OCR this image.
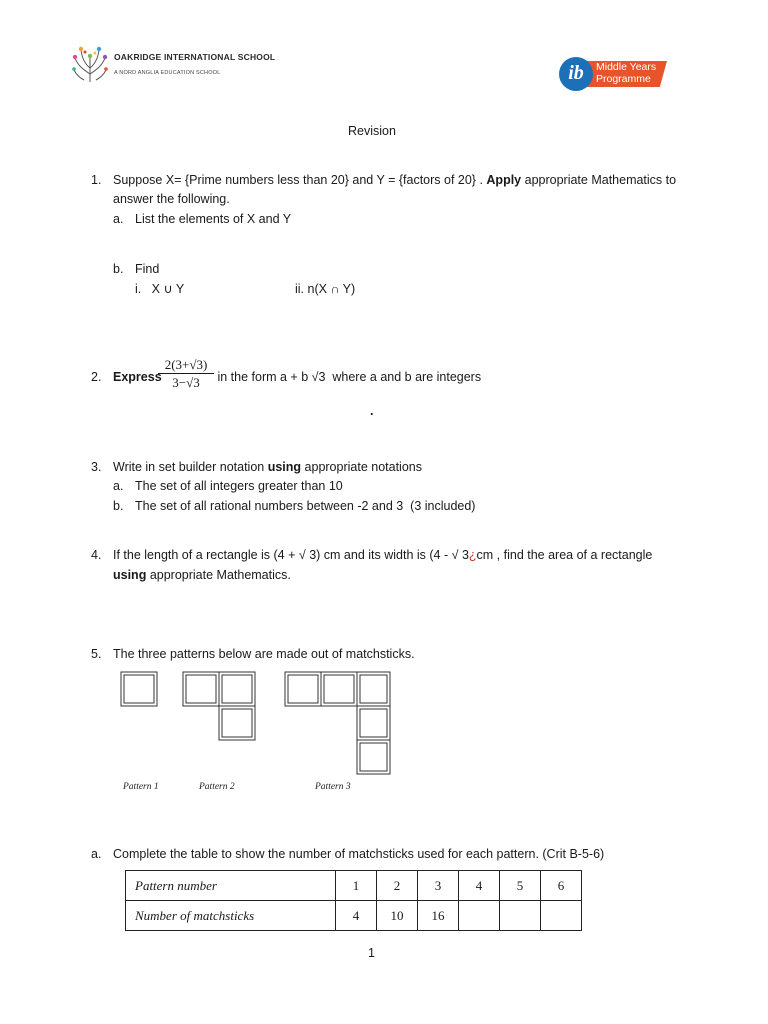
OAKRIDGE INTERNATIONAL SCHOOL
A NORD ANGLIA EDUCATION SCHOOL	ib	Middle Years
Programme
Revision
1. Suppose X= {Prime numbers less than 20} and Y = {factors of 20} . Apply appropriate Mathematics to
answer the following.
a. List the elements of X and Y
b. Find
i.   X ∪ Y	ii. n(X ∩ Y)
2. Express
$\frac{2(3+√3)}{3-√3}$ in the form a + b √3  where a and b are integers
.
3. Write in set builder notation using appropriate notations
a. The set of all integers greater than 10
b. The set of all rational numbers between -2 and 3  (3 included)
4. If the length of a rectangle is (4 + √ 3) cm and its width is (4 - √ 3¿cm , find the area of a rectangle
using appropriate Mathematics.
5. The three patterns below are made out of matchsticks.
Pattern 1	Pattern 2	Pattern 3
a. Complete the table to show the number of matchsticks used for each pattern. (Crit B-5-6)
Pattern number	1	2	3	4	5	6
Number of matchsticks	4	10	16			
1
